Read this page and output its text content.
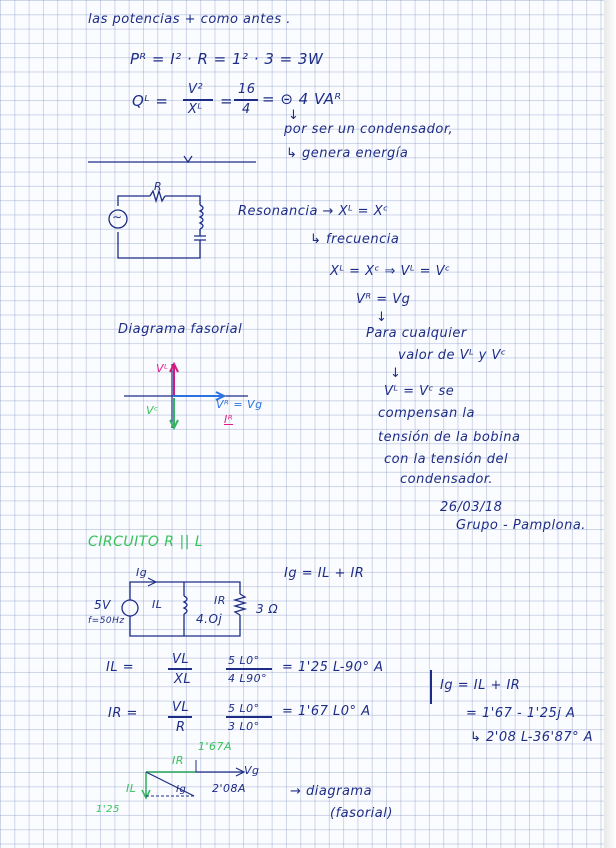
las potencias + como antes .
Pᴿ = I² · R = 1² · 3 = 3W
Qᴸ =
V²
Xᴸ =
16
4
= ⊝ 4 VAᴿ
↓
por ser un condensador,
↳ genera energía
R
∼	Resonancia → Xᴸ = Xᶜ
↳ frecuencia
Xᴸ = Xᶜ ⇒ Vᴸ = Vᶜ
Vᴿ = Vg
↓
Para cualquier
valor de Vᴸ y Vᶜ
↓
Vᴸ = Vᶜ se
compensan la
tensión de la bobina
con la tensión del
condensador.
Diagrama fasorial
Vᴸ
Vᶜ	Vᴿ = Vg
Iᴿ
26/03/18
Grupo - Pamplona.
CIRCUITO R || L
Ig
5V
f=50Hz
IL	IR
4.Oj
3 Ω
Ig = IL + IR
IL =
VL
XL
5 L0°
4 L90°
= 1'25 L-90° A
IR =	VL
R
5 L0°
3 L0°
= 1'67 L0° A
Ig = IL + IR
= 1'67 - 1'25j A
↳ 2'08 L-36'87° A
1'67A
IR
Vg
IL	Ig 2'08A
1'25
→ diagrama
(fasorial)
